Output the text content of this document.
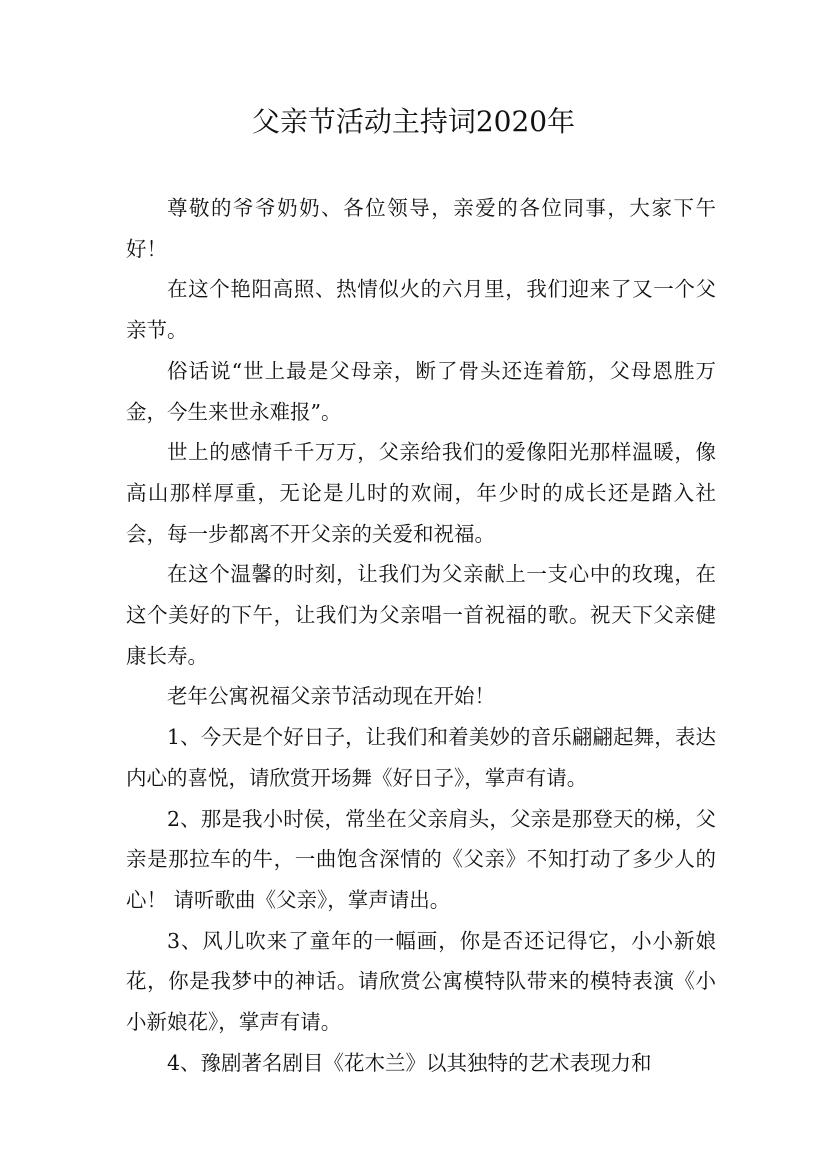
父亲节活动主持词2020年

尊敬的爷爷奶奶、各位领导，亲爱的各位同事，大家下午好！

在这个艳阳高照、热情似火的六月里，我们迎来了又一个父亲节。

俗话说“世上最是父母亲，断了骨头还连着筋，父母恩胜万金，今生来世永难报”。

世上的感情千千万万，父亲给我们的爱像阳光那样温暖，像高山那样厚重，无论是儿时的欢闹，年少时的成长还是踏入社会，每一步都离不开父亲的关爱和祝福。

在这个温馨的时刻，让我们为父亲献上一支心中的玫瑰，在这个美好的下午，让我们为父亲唱一首祝福的歌。祝天下父亲健康长寿。

老年公寓祝福父亲节活动现在开始！

1、今天是个好日子，让我们和着美妙的音乐翩翩起舞，表达内心的喜悦，请欣赏开场舞《好日子》，掌声有请。

2、那是我小时侯，常坐在父亲肩头，父亲是那登天的梯，父亲是那拉车的牛，一曲饱含深情的《父亲》不知打动了多少人的心！ 请听歌曲《父亲》，掌声请出。

3、风儿吹来了童年的一幅画，你是否还记得它，小小新娘花，你是我梦中的神话。请欣赏公寓模特队带来的模特表演《小小新娘花》，掌声有请。

4、豫剧著名剧目《花木兰》以其独特的艺术表现力和
